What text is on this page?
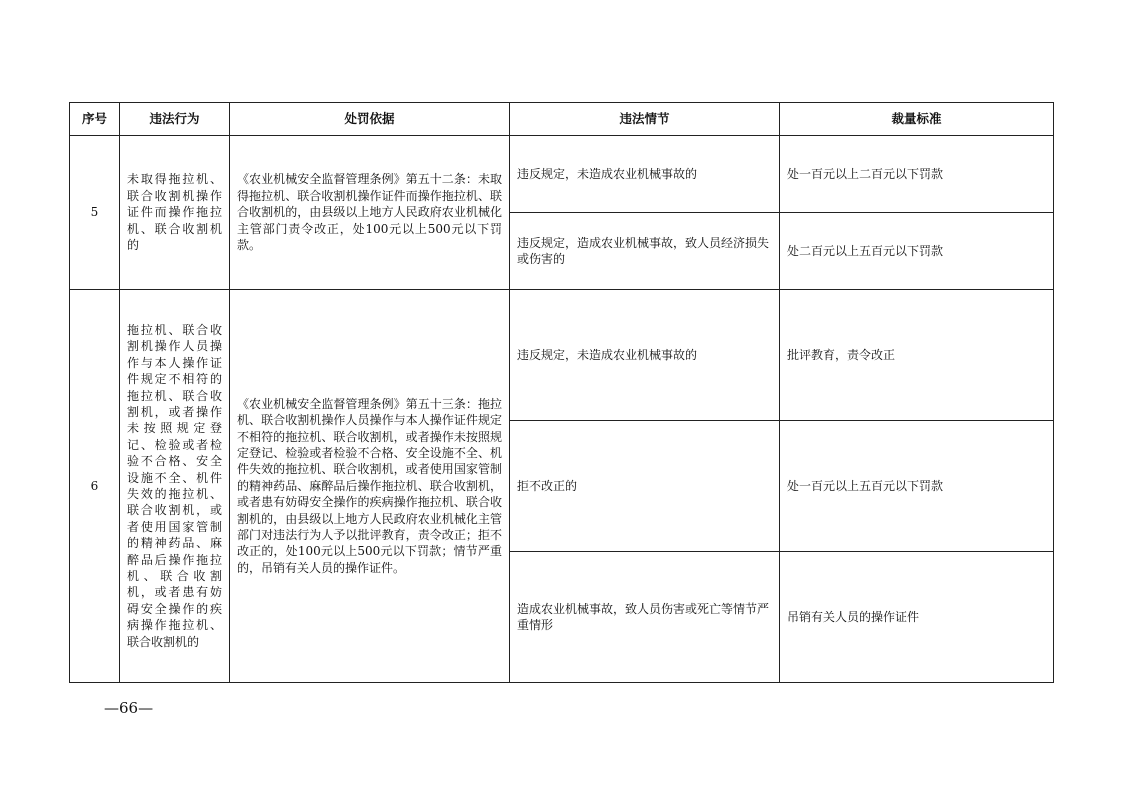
序号	违法行为	处罚依据	违法情节	裁量标准
5	未取得拖拉机、联合收割机操作证件而操作拖拉机、联合收割机的	《农业机械安全监督管理条例》第五十二条：未取得拖拉机、联合收割机操作证件而操作拖拉机、联合收割机的，由县级以上地方人民政府农业机械化主管部门责令改正，处100元以上500元以下罚款。	违反规定，未造成农业机械事故的	处一百元以上二百元以下罚款
			违反规定，造成农业机械事故，致人员经济损失或伤害的	处二百元以上五百元以下罚款
6	拖拉机、联合收割机操作人员操作与本人操作证件规定不相符的拖拉机、联合收割机，或者操作未按照规定登记、检验或者检验不合格、安全设施不全、机件失效的拖拉机、联合收割机，或者使用国家管制的精神药品、麻醉品后操作拖拉机、联合收割机，或者患有妨碍安全操作的疾病操作拖拉机、联合收割机的	《农业机械安全监督管理条例》第五十三条：拖拉机、联合收割机操作人员操作与本人操作证件规定不相符的拖拉机、联合收割机，或者操作未按照规定登记、检验或者检验不合格、安全设施不全、机件失效的拖拉机、联合收割机，或者使用国家管制的精神药品、麻醉品后操作拖拉机、联合收割机，或者患有妨碍安全操作的疾病操作拖拉机、联合收割机的，由县级以上地方人民政府农业机械化主管部门对违法行为人予以批评教育，责令改正；拒不改正的，处100元以上500元以下罚款；情节严重的，吊销有关人员的操作证件。	违反规定，未造成农业机械事故的	批评教育，责令改正
			拒不改正的	处一百元以上五百元以下罚款
			造成农业机械事故，致人员伤害或死亡等情节严重情形	吊销有关人员的操作证件
—66—
